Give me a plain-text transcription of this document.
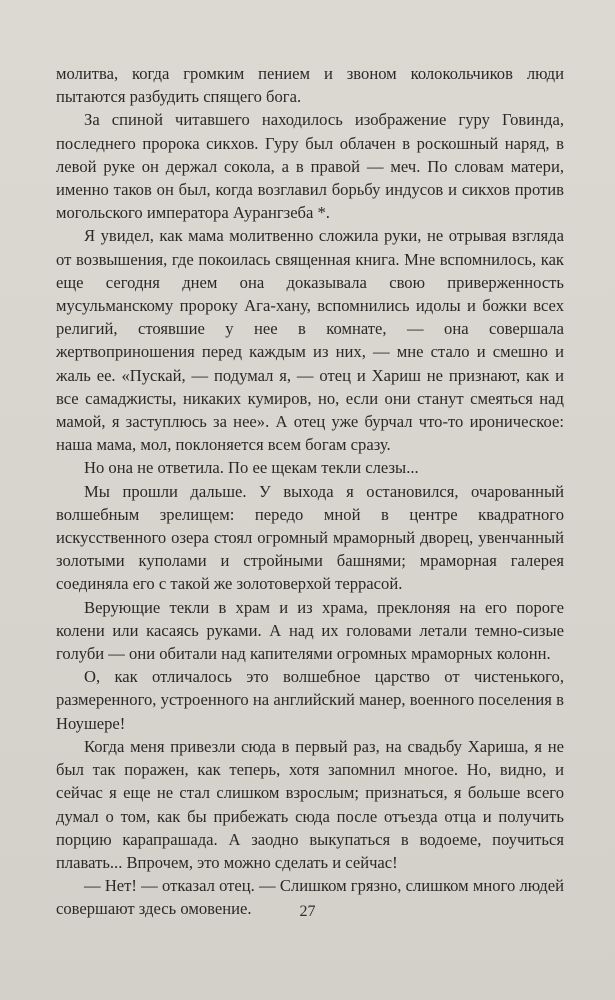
молитва, когда громким пением и звоном колокольчиков люди пытаются разбудить спящего бога.

За спиной читавшего находилось изображение гуру Говинда, последнего пророка сикхов. Гуру был облачен в роскошный наряд, в левой руке он держал сокола, а в правой — меч. По словам матери, именно таков он был, когда возглавил борьбу индусов и сикхов против могольского императора Аурангзеба *.

Я увидел, как мама молитвенно сложила руки, не отрывая взгляда от возвышения, где покоилась священная книга. Мне вспомнилось, как еще сегодня днем она доказывала свою приверженность мусульманскому пророку Ага-хану, вспомнились идолы и божки всех религий, стоявшие у нее в комнате, — она совершала жертвоприношения перед каждым из них, — мне стало и смешно и жаль ее. «Пускай, — подумал я, — отец и Хариш не признают, как и все самаджисты, никаких кумиров, но, если они станут смеяться над мамой, я заступлюсь за нее». А отец уже бурчал что-то ироническое: наша мама, мол, поклоняется всем богам сразу.

Но она не ответила. По ее щекам текли слезы...

Мы прошли дальше. У выхода я остановился, очарованный волшебным зрелищем: передо мной в центре квадратного искусственного озера стоял огромный мраморный дворец, увенчанный золотыми куполами и стройными башнями; мраморная галерея соединяла его с такой же золотоверхой террасой.

Верующие текли в храм и из храма, преклоняя на его пороге колени или касаясь руками. А над их головами летали темно-сизые голуби — они обитали над капителями огромных мраморных колонн.

О, как отличалось это волшебное царство от чистенького, размеренного, устроенного на английский манер, военного поселения в Ноушере!

Когда меня привезли сюда в первый раз, на свадьбу Хариша, я не был так поражен, как теперь, хотя запомнил многое. Но, видно, и сейчас я еще не стал слишком взрослым; признаться, я больше всего думал о том, как бы прибежать сюда после отъезда отца и получить порцию карапрашада. А заодно выкупаться в водоеме, поучиться плавать... Впрочем, это можно сделать и сейчас!

— Нет! — отказал отец. — Слишком грязно, слишком много людей совершают здесь омовение.	27
